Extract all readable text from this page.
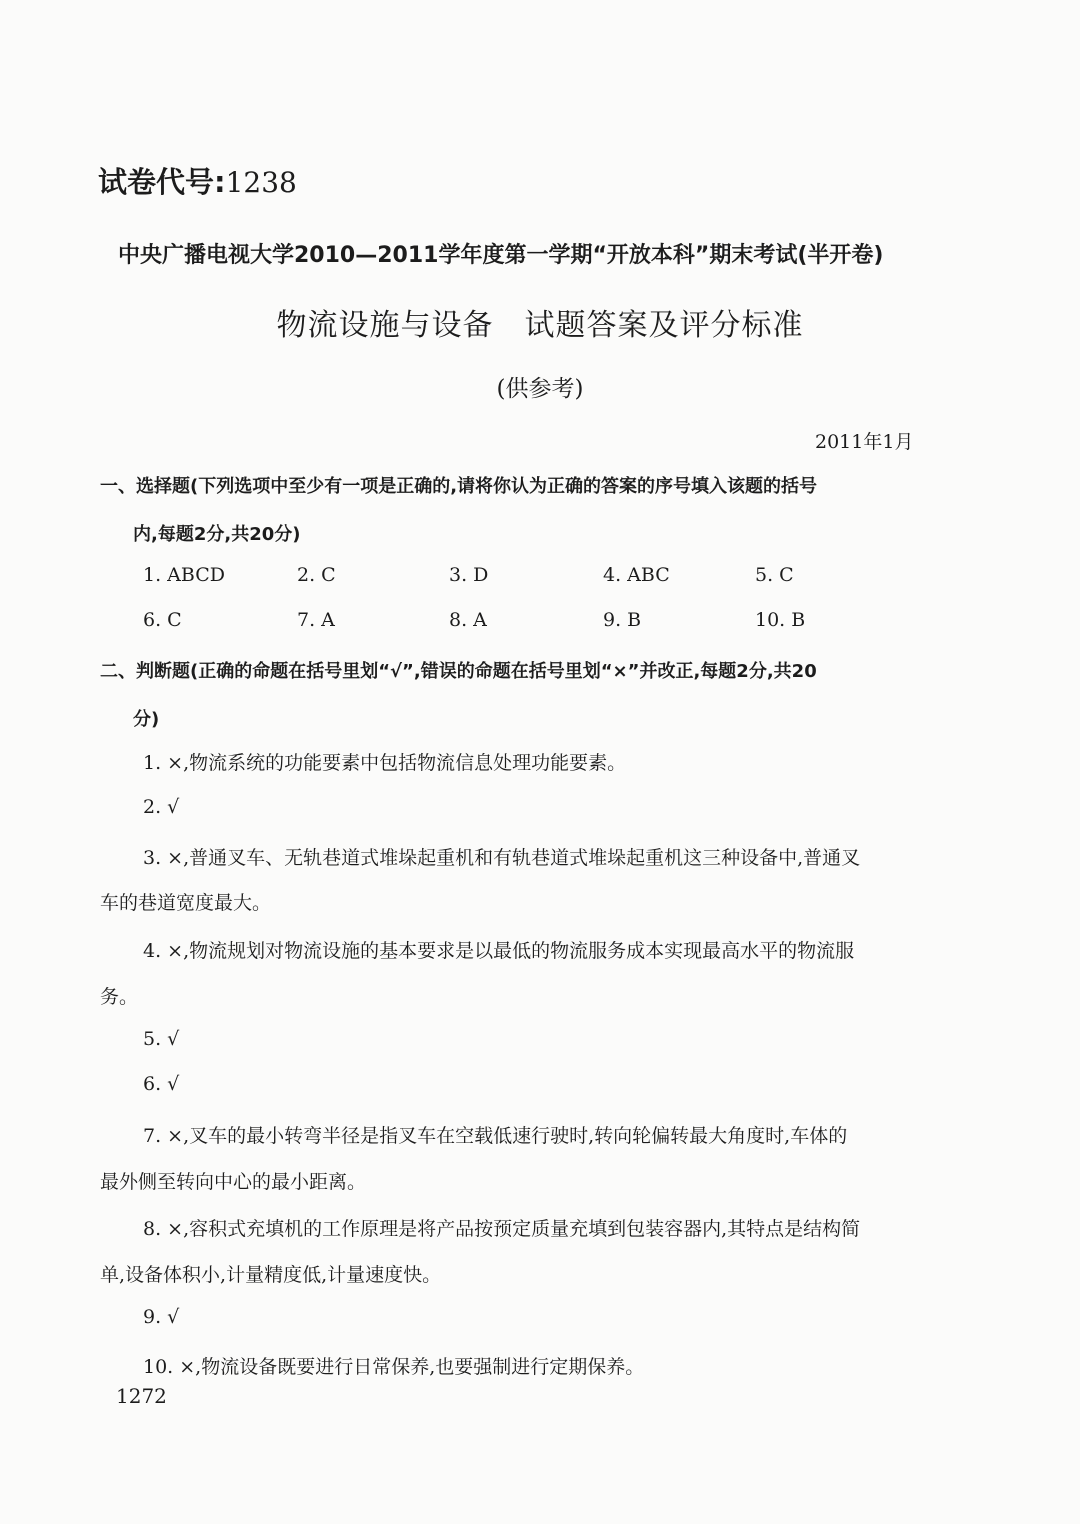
试卷代号:1238
中央广播电视大学2010—2011学年度第一学期“开放本科”期末考试(半开卷)
物流设施与设备　试题答案及评分标准
(供参考)
2011年1月
一、选择题(下列选项中至少有一项是正确的,请将你认为正确的答案的序号填入该题的括号
内,每题2分,共20分)
1. ABCD	2. C	3. D	4. ABC	5. C
6. C	7. A	8. A	9. B	10. B
二、判断题(正确的命题在括号里划“√”,错误的命题在括号里划“×”并改正,每题2分,共20
分)
1. ×,物流系统的功能要素中包括物流信息处理功能要素。
2. √
3. ×,普通叉车、无轨巷道式堆垛起重机和有轨巷道式堆垛起重机这三种设备中,普通叉
车的巷道宽度最大。
4. ×,物流规划对物流设施的基本要求是以最低的物流服务成本实现最高水平的物流服
务。
5. √
6. √
7. ×,叉车的最小转弯半径是指叉车在空载低速行驶时,转向轮偏转最大角度时,车体的
最外侧至转向中心的最小距离。
8. ×,容积式充填机的工作原理是将产品按预定质量充填到包装容器内,其特点是结构简
单,设备体积小,计量精度低,计量速度快。
9. √
10. ×,物流设备既要进行日常保养,也要强制进行定期保养。
1272
